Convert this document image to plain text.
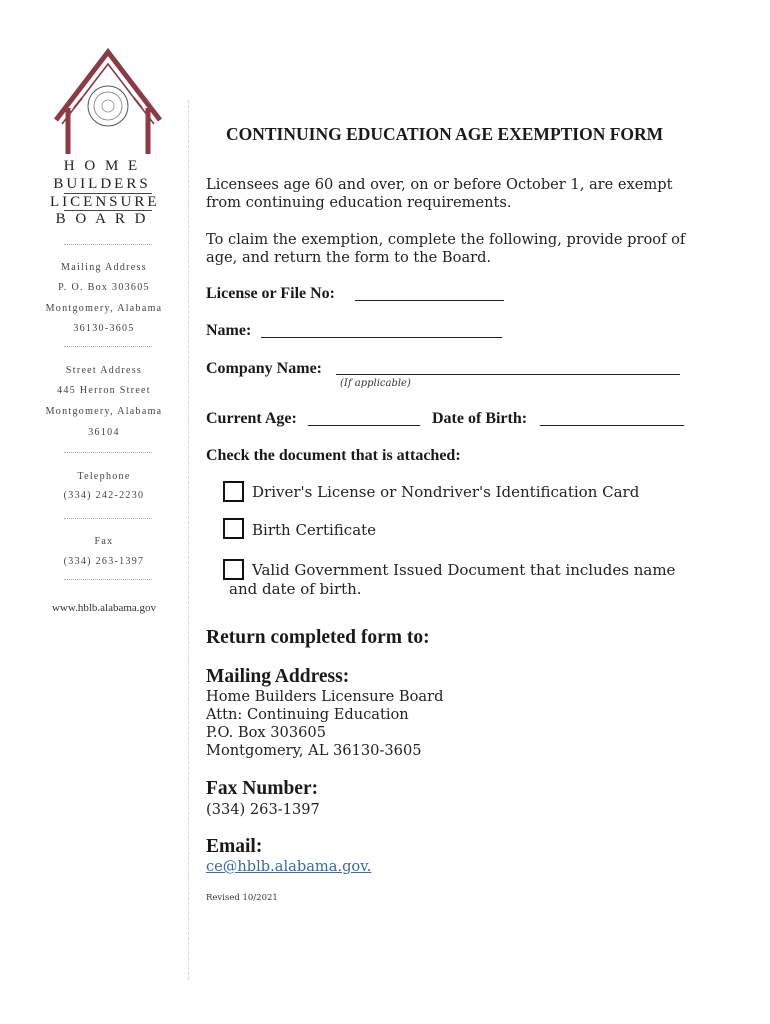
H O M E
BUILDERS
LICENSURE
B O A R D
Mailing Address
P. O. Box 303605
Montgomery, Alabama
36130-3605
Street Address
445 Herron Street
Montgomery, Alabama
36104
Telephone
(334) 242-2230
Fax
(334) 263-1397
www.hblb.alabama.gov
CONTINUING EDUCATION AGE EXEMPTION FORM
Licensees age 60 and over, on or before October 1, are exempt from continuing education requirements.
To claim the exemption, complete the following, provide proof of age, and return the form to the Board.
License or File No:
Name:
Company Name:
(If applicable)
Current Age:	Date of Birth:
Check the document that is attached:
Driver's License or Nondriver's Identification Card
Birth Certificate
Valid Government Issued Document that includes name
and date of birth.
Return completed form to:
Mailing Address:
Home Builders Licensure Board
Attn: Continuing Education
P.O. Box 303605
Montgomery, AL 36130-3605
Fax Number:
(334) 263-1397
Email:
ce@hblb.alabama.gov.
Revised 10/2021
